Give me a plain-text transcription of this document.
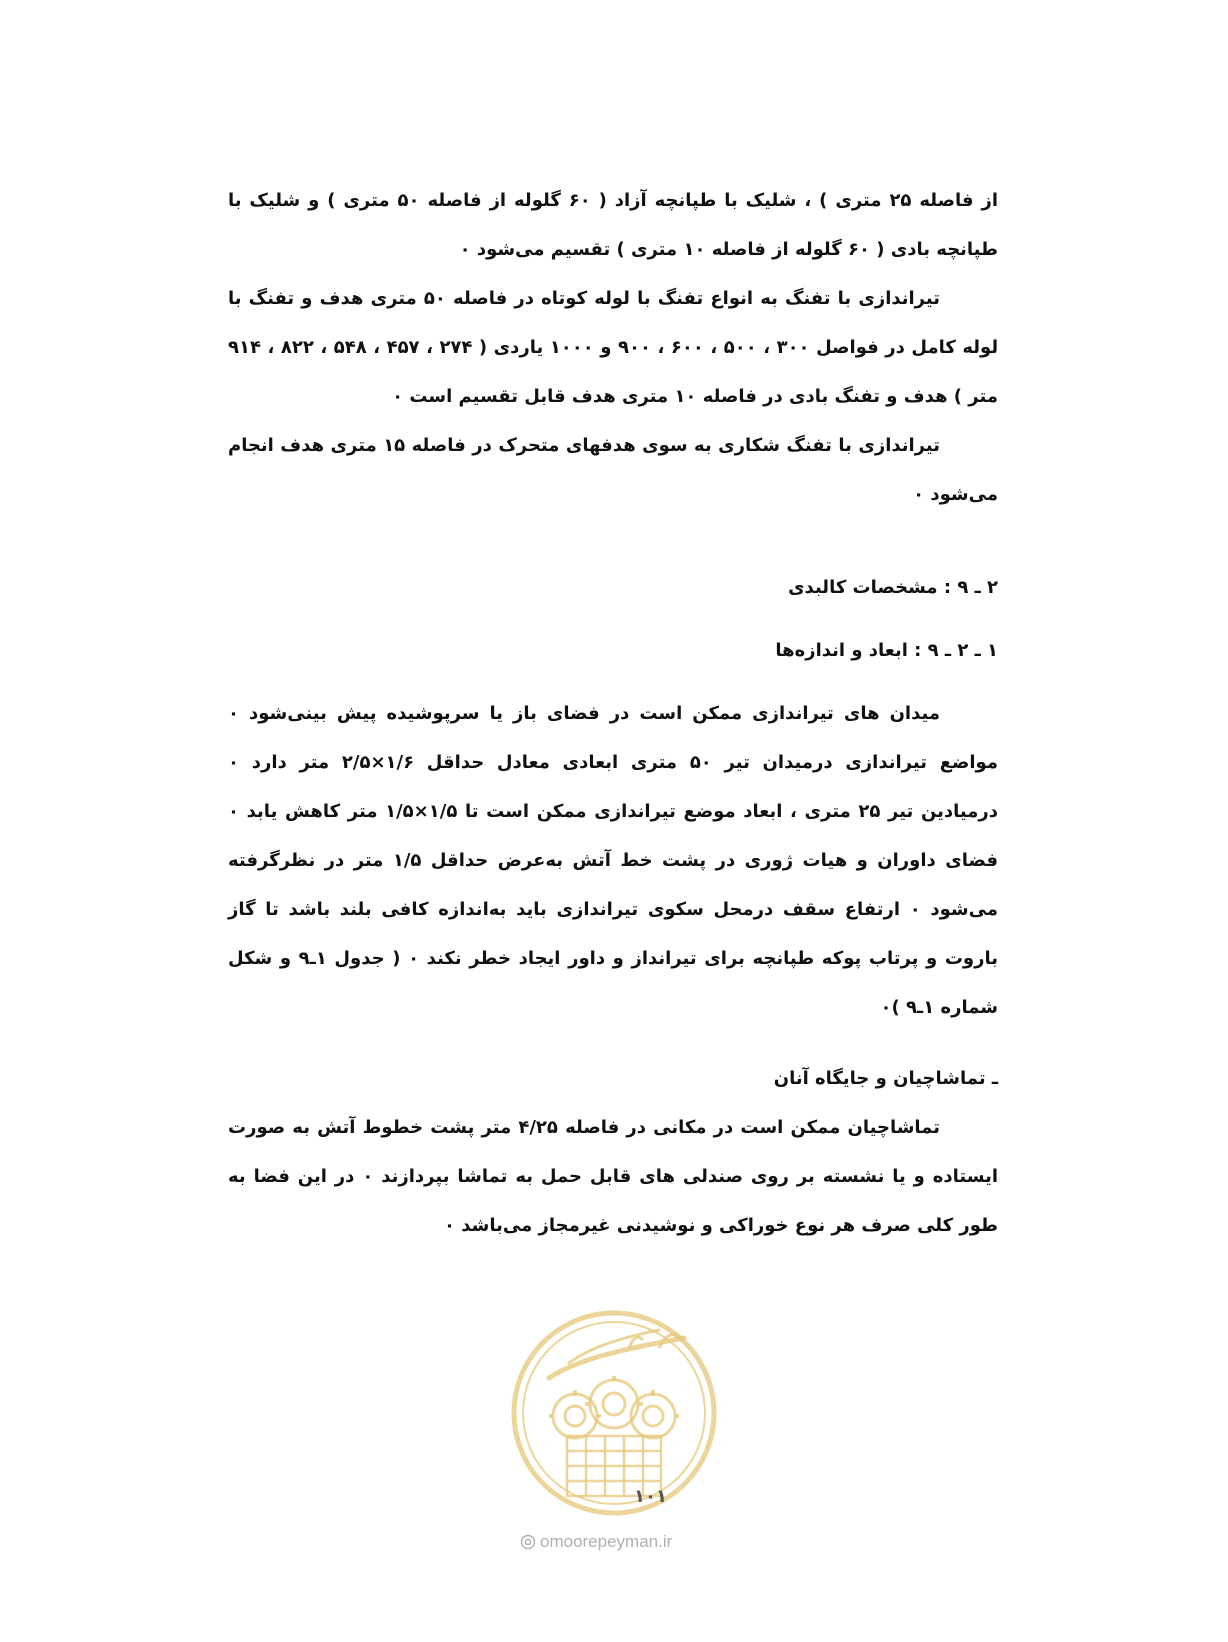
از فاصله ۲۵ متری ) ، شلیک با طپانچه آزاد ( ۶۰ گلوله از فاصله ۵۰ متری ) و شلیک با طپانچه بادی ( ۶۰ گلوله از فاصله ۱۰ متری ) تقسیم می‌شود ۰

تیراندازی با تفنگ به انواع تفنگ با لوله کوتاه در فاصله ۵۰ متری هدف و تفنگ با لوله کامل در فواصل ۳۰۰ ، ۵۰۰ ، ۶۰۰ ، ۹۰۰ و ۱۰۰۰ یاردی ( ۲۷۴ ، ۴۵۷ ، ۵۴۸ ، ۸۲۲ ، ۹۱۴ متر ) هدف و تفنگ بادی در فاصله ۱۰ متری هدف قابل تقسیم است ۰

تیراندازی با تفنگ شکاری به سوی هدفهای متحرک در فاصله ۱۵ متری هدف انجام می‌شود ۰

۲ ـ ۹ : مشخصات کالبدی

۱ ـ ۲ ـ ۹ : ابعاد و اندازه‌ها

میدان های تیراندازی ممکن است در فضای باز یا سرپوشیده پیش بینی‌شود ۰ مواضع تیراندازی درمیدان تیر ۵۰ متری ابعادی معادل حداقل ۱/۶×۲/۵ متر دارد ۰ درمیادین تیر ۲۵ متری ، ابعاد موضع تیراندازی ممکن است تا ۱/۵×۱/۵ متر کاهش یابد ۰ فضای داوران و هیات ژوری در پشت خط آتش به‌عرض حداقل ۱/۵ متر در نظرگرفته می‌شود ۰ ارتفاع سقف درمحل سکوی تیراندازی باید به‌اندازه کافی بلند باشد تا گاز باروت و پرتاب پوکه طپانچه برای تیرانداز و داور ایجاد خطر نکند ۰ ( جدول ۱ـ۹ و شکل شماره ۱ـ۹ )۰

ـ تماشاچیان و جایگاه آنان

تماشاچیان ممکن است در مکانی در فاصله ۴/۲۵ متر پشت خطوط آتش به صورت ایستاده و یا نشسته بر روی صندلی های قابل حمل به تماشا بپردازند ۰ در این فضا به طور کلی صرف هر نوع خوراکی و نوشیدنی غیرمجاز می‌باشد ۰

۱۰۱
omoorepeyman.ir
